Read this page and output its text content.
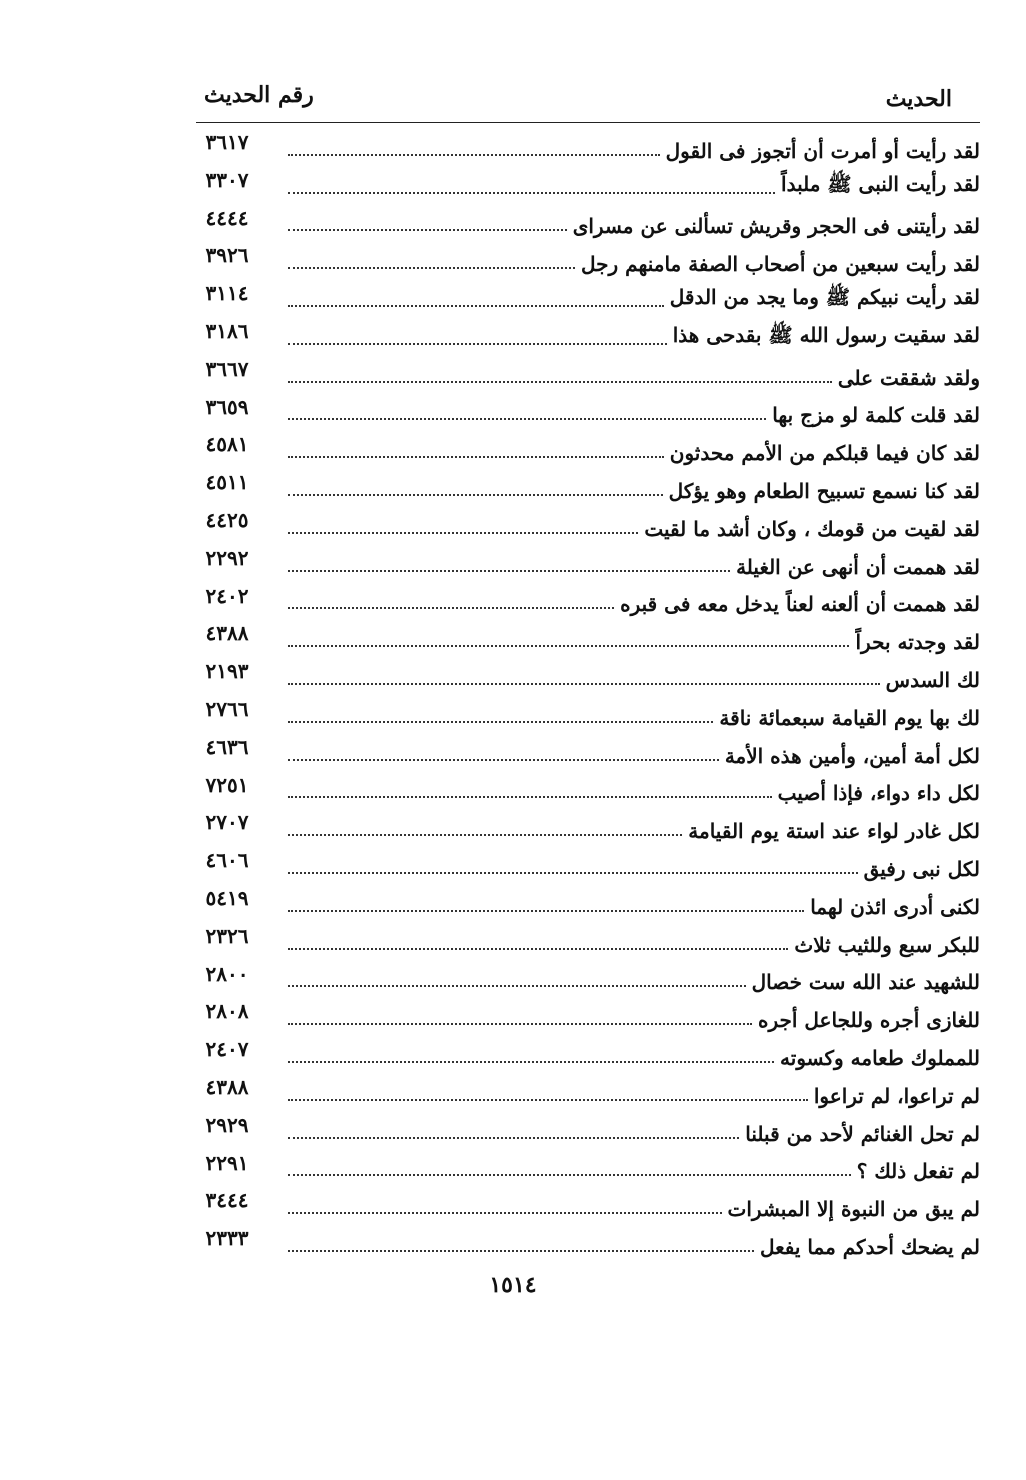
الحديث
رقم الحديث
لقد رأيت أو أمرت أن أتجوز فى القول
٣٦١٧
لقد رأيت النبى ﷺ ملبداً
٣٣٠٧
لقد رأيتنى فى الحجر وقريش تسألنى عن مسراى
٤٤٤٤
لقد رأيت سبعين من أصحاب الصفة مامنهم رجل
٣٩٢٦
لقد رأيت نبيكم ﷺ وما يجد من الدقل
٣١١٤
لقد سقيت رسول الله ﷺ بقدحى هذا
٣١٨٦
ولقد شققت على
٣٦٦٧
لقد قلت كلمة لو مزج بها
٣٦٥٩
لقد كان فيما قبلكم من الأمم محدثون
٤٥٨١
لقد كنا نسمع تسبيح الطعام وهو يؤكل
٤٥١١
لقد لقيت من قومك ، وكان أشد ما لقيت
٤٤٢٥
لقد هممت أن أنهى عن الغيلة
٢٢٩٢
لقد هممت أن ألعنه لعناً يدخل معه فى قبره
٢٤٠٢
لقد وجدته بحراً
٤٣٨٨
لك السدس
٢١٩٣
لك بها يوم القيامة سبعمائة ناقة
٢٧٦٦
لكل أمة أمين، وأمين هذه الأمة
٤٦٣٦
لكل داء دواء، فإذا أصيب
٧٢٥١
لكل غادر لواء عند استة يوم القيامة
٢٧٠٧
لكل نبى رفيق
٤٦٠٦
لكنى أدرى ائذن لهما
٥٤١٩
للبكر سبع وللثيب ثلاث
٢٣٢٦
للشهيد عند الله ست خصال
٢٨٠٠
للغازى أجره وللجاعل أجره
٢٨٠٨
للمملوك طعامه وكسوته
٢٤٠٧
لم تراعوا، لم تراعوا
٤٣٨٨
لم تحل الغنائم لأحد من قبلنا
٢٩٢٩
لم تفعل ذلك ؟
٢٢٩١
لم يبق من النبوة إلا المبشرات
٣٤٤٤
لم يضحك أحدكم مما يفعل
٢٣٣٣
١٥١٤
